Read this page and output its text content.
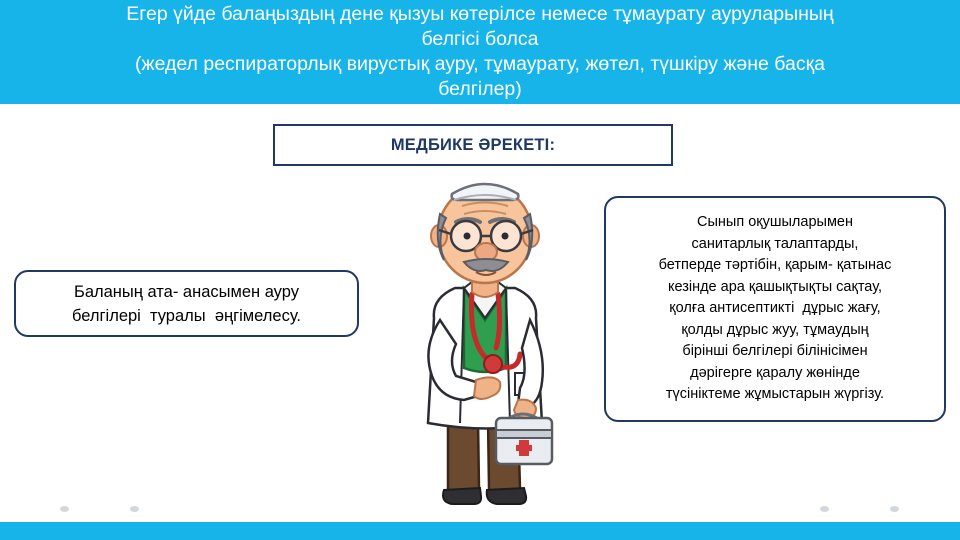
Егер үйде балаңыздың дене қызуы көтерілсе немесе тұмаурату ауруларының
белгісі болса
(жедел респираторлық вирустық ауру, тұмаурату, жөтел, түшкіру және басқа
белгілер)
МЕДБИКЕ ӘРЕКЕТІ:
Баланың ата- анасымен ауру
белгілері  туралы  әңгімелесу.
Сынып оқушыларымен
санитарлық талаптарды,
бетперде тәртібін, қарым- қатынас
кезінде ара қашықтықты сақтау,
қолға антисептикті  дұрыс жағу,
қолды дұрыс жуу, тұмаудың
бірінші белгілері білінісімен
дәрігерге қаралу жөнінде
түсініктеме жұмыстарын жүргізу.
